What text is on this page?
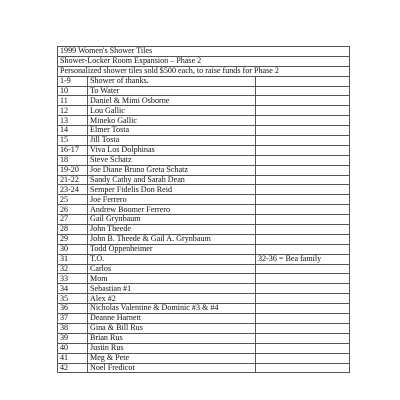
1999 Women's Shower Tiles		
Shower-Locker Room Expansion – Phase 2		
Personalized shower tiles sold $500 each, to raise funds for Phase 2		
1-9	Shower of thanks.	
10	To Water	
11	Daniel & Mimi Osborne	
12	Lou Gallic	
13	Mineko Gallic	
14	Elmer Tosta	
15	Jill Tosta	
16-17	Viva Los Dolphinas	
18	Steve Schatz	
19-20	Joe Diane Bruno Greta Schatz	
21-22	Sandy Cathy and Sarah Dean	
23-24	Semper Fidelis Don Reid	
25	Joe Ferrero	
26	Andrew Boomer Ferrero	
27	Gail Grynbaum	
28	John Theede	
29	John B. Theede & Gail A. Grynbaum	
30	Todd Oppenheimer	
31	T.O.	32-36 = Bea family
32	Carlos	
33	Mom	
34	Sebastian #1	
35	Alex #2	
36	Nicholas Valentine & Dominic #3 & #4	
37	Deanne Harnett	
38	Gina & Bill Rus	
39	Brian Rus	
40	Justin Rus	
41	Meg & Pete	
42	Noel Fredicot	
